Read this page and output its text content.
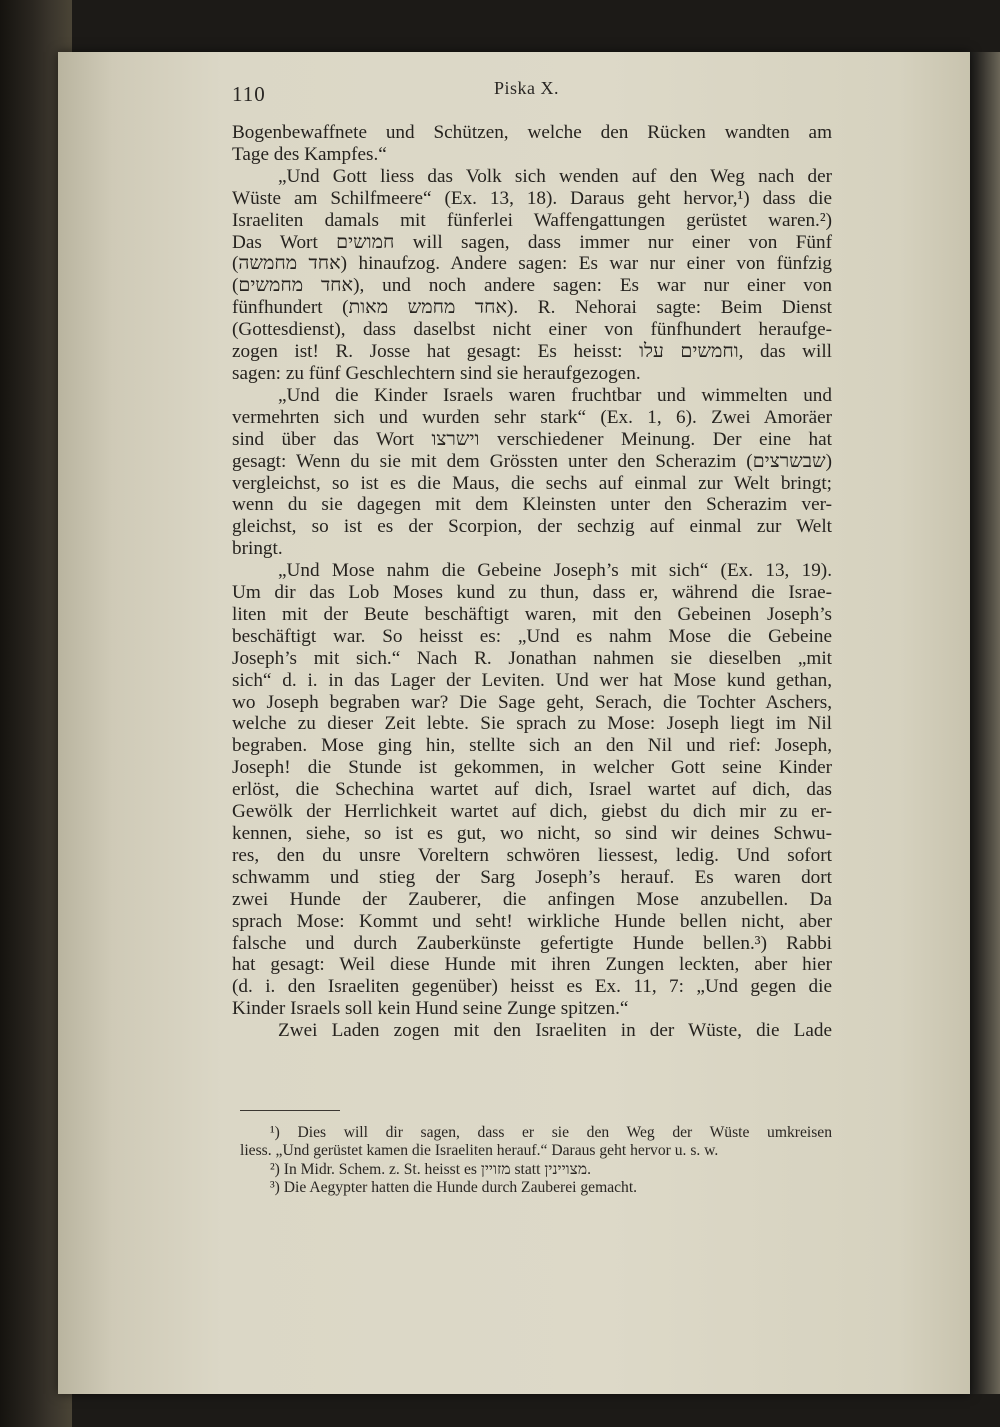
110	Piska X.

Bogenbewaffnete und Schützen, welche den Rücken wandten am

Tage des Kampfes.“

„Und Gott liess das Volk sich wenden auf den Weg nach der

Wüste am Schilfmeere“ (Ex. 13, 18). Daraus geht hervor,¹) dass die

Israeliten damals mit fünferlei Waffengattungen gerüstet waren.²)

Das Wort חמושים will sagen, dass immer nur einer von Fünf

(אחד מחמשה) hinaufzog. Andere sagen: Es war nur einer von fünfzig

(אחד מחמשים), und noch andere sagen: Es war nur einer von

fünfhundert (אחד מחמש מאות). R. Nehorai sagte: Beim Dienst

(Gottesdienst), dass daselbst nicht einer von fünfhundert heraufge-

zogen ist! R. Josse hat gesagt: Es heisst: וחמשים עלו, das will

sagen: zu fünf Geschlechtern sind sie heraufgezogen.

„Und die Kinder Israels waren fruchtbar und wimmelten und

vermehrten sich und wurden sehr stark“ (Ex. 1, 6). Zwei Amoräer

sind über das Wort וישרצו verschiedener Meinung. Der eine hat

gesagt: Wenn du sie mit dem Grössten unter den Scherazim (שבשרצים)

vergleichst, so ist es die Maus, die sechs auf einmal zur Welt bringt;

wenn du sie dagegen mit dem Kleinsten unter den Scherazim ver-

gleichst, so ist es der Scorpion, der sechzig auf einmal zur Welt

bringt.

„Und Mose nahm die Gebeine Joseph’s mit sich“ (Ex. 13, 19).

Um dir das Lob Moses kund zu thun, dass er, während die Israe-

liten mit der Beute beschäftigt waren, mit den Gebeinen Joseph’s

beschäftigt war. So heisst es: „Und es nahm Mose die Gebeine

Joseph’s mit sich.“ Nach R. Jonathan nahmen sie dieselben „mit

sich“ d. i. in das Lager der Leviten. Und wer hat Mose kund gethan,

wo Joseph begraben war? Die Sage geht, Serach, die Tochter Aschers,

welche zu dieser Zeit lebte. Sie sprach zu Mose: Joseph liegt im Nil

begraben. Mose ging hin, stellte sich an den Nil und rief: Joseph,

Joseph! die Stunde ist gekommen, in welcher Gott seine Kinder

erlöst, die Schechina wartet auf dich, Israel wartet auf dich, das

Gewölk der Herrlichkeit wartet auf dich, giebst du dich mir zu er-

kennen, siehe, so ist es gut, wo nicht, so sind wir deines Schwu-

res, den du unsre Voreltern schwören liessest, ledig. Und sofort

schwamm und stieg der Sarg Joseph’s herauf. Es waren dort

zwei Hunde der Zauberer, die anfingen Mose anzubellen. Da

sprach Mose: Kommt und seht! wirkliche Hunde bellen nicht, aber

falsche und durch Zauberkünste gefertigte Hunde bellen.³) Rabbi

hat gesagt: Weil diese Hunde mit ihren Zungen leckten, aber hier

(d. i. den Israeliten gegenüber) heisst es Ex. 11, 7: „Und gegen die

Kinder Israels soll kein Hund seine Zunge spitzen.“

Zwei Laden zogen mit den Israeliten in der Wüste, die Lade

¹) Dies will dir sagen, dass er sie den Weg der Wüste umkreisen

liess. „Und gerüstet kamen die Israeliten herauf.“ Daraus geht hervor u. s. w.

²) In Midr. Schem. z. St. heisst es מזויין statt מצויינין.

³) Die Aegypter hatten die Hunde durch Zauberei gemacht.
